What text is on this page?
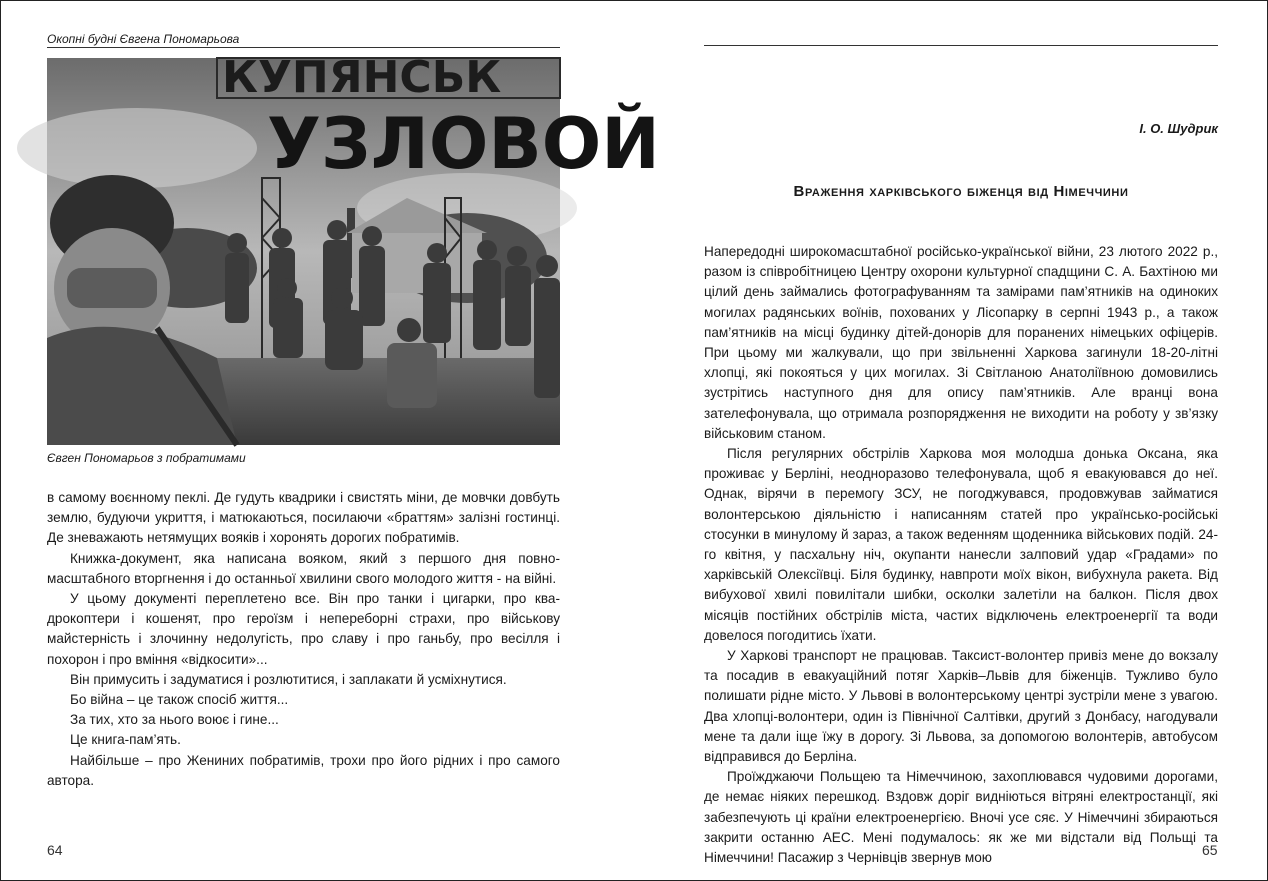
Окопні будні Євгена Пономарьова
КУПЯНСЬК
УЗЛОВОЙ
Євген Пономарьов з побратимами

в самому воєнному пеклі. Де гудуть квадрики і свистять міни, де мовчки довбуть землю, будуючи укриття, і матюкаються, посилаючи «браттям» залізні гостинці. Де зневажають нетямущих вояків і хоронять дорогих побратимів.

Книжка-документ, яка написана вояком, який з першого дня повномасштабного вторгнення і до останньої хвилини свого молодого життя - на війні.

У цьому документі переплетено все. Він про танки і цигарки, про квадрокоптери і кошенят, про героїзм і непереборні страхи, про військову майстерність і злочинну недолугість, про славу і про ганьбу, про весілля і похорон і про вміння «відкосити»...

Він примусить і задуматися і розлютитися, і заплакати й усміхнутися.

Бо війна – це також спосіб життя...

За тих, хто за нього воює і гине...

Це книга-пам’ять.

Найбільше – про Жениних побратимів, трохи про його рідних і про самого автора.

64
І. О. Шудрик
Враження харківського біженця від Німеччини

Напередодні широкомасштабної російсько-української війни, 23 лютого 2022 р., разом із співробітницею Центру охорони культурної спадщини С. А. Бахтіною ми цілий день займались фотографуванням та замірами пам’ятників на одиноких могилах радянських воїнів, похованих у Лісопарку в серпні 1943 р., а також пам’ятників на місці будинку дітей-донорів для поранених німецьких офіцерів. При цьому ми жалкували, що при звільненні Харкова загинули 18-20-літні хлопці, які покояться у цих могилах. Зі Світланою Анатоліївною домовились зустрітись наступного дня для опису пам’ятників. Але вранці вона зателефонувала, що отримала розпорядження не виходити на роботу у зв’язку військовим станом.

Після регулярних обстрілів Харкова моя молодша донька Оксана, яка проживає у Берліні, неодноразово телефонувала, щоб я евакуювався до неї. Однак, вірячи в перемогу ЗСУ, не погоджувався, продовжував займатися волонтерською діяльністю і написанням статей про українсько-російські стосунки в минулому й зараз, а також веденням щоденника військових подій. 24-го квітня, у пасхальну ніч, окупанти нанесли залповий удар «Градами» по харківській Олексіївці. Біля будинку, навпроти моїх вікон, вибухнула ракета. Від вибухової хвилі повилітали шибки, осколки залетіли на балкон. Після двох місяців постійних обстрілів міста, частих відключень електроенергії та води довелося погодитись їхати.

У Харкові транспорт не працював. Таксист-волонтер привіз мене до вокзалу та посадив в евакуаційний потяг Харків–Львів для біженців. Тужливо було полишати рідне місто. У Львові в волонтерському центрі зустріли мене з увагою. Два хлопці-волонтери, один із Північної Салтівки, другий з Донбасу, нагодували мене та дали іще їжу в дорогу. Зі Львова, за допомогою волонтерів, автобусом відправився до Берліна.

Проїжджаючи Польщею та Німеччиною, захоплювався чудовими дорогами, де немає ніяких перешкод. Вздовж доріг видніються вітряні електростанції, які забезпечують ці країни електроенергією. Вночі усе сяє. У Німеччині збираються закрити останню АЕС. Мені подумалось: як же ми відстали від Польщі та Німеччини! Пасажир з Чернівців звернув мою	65
